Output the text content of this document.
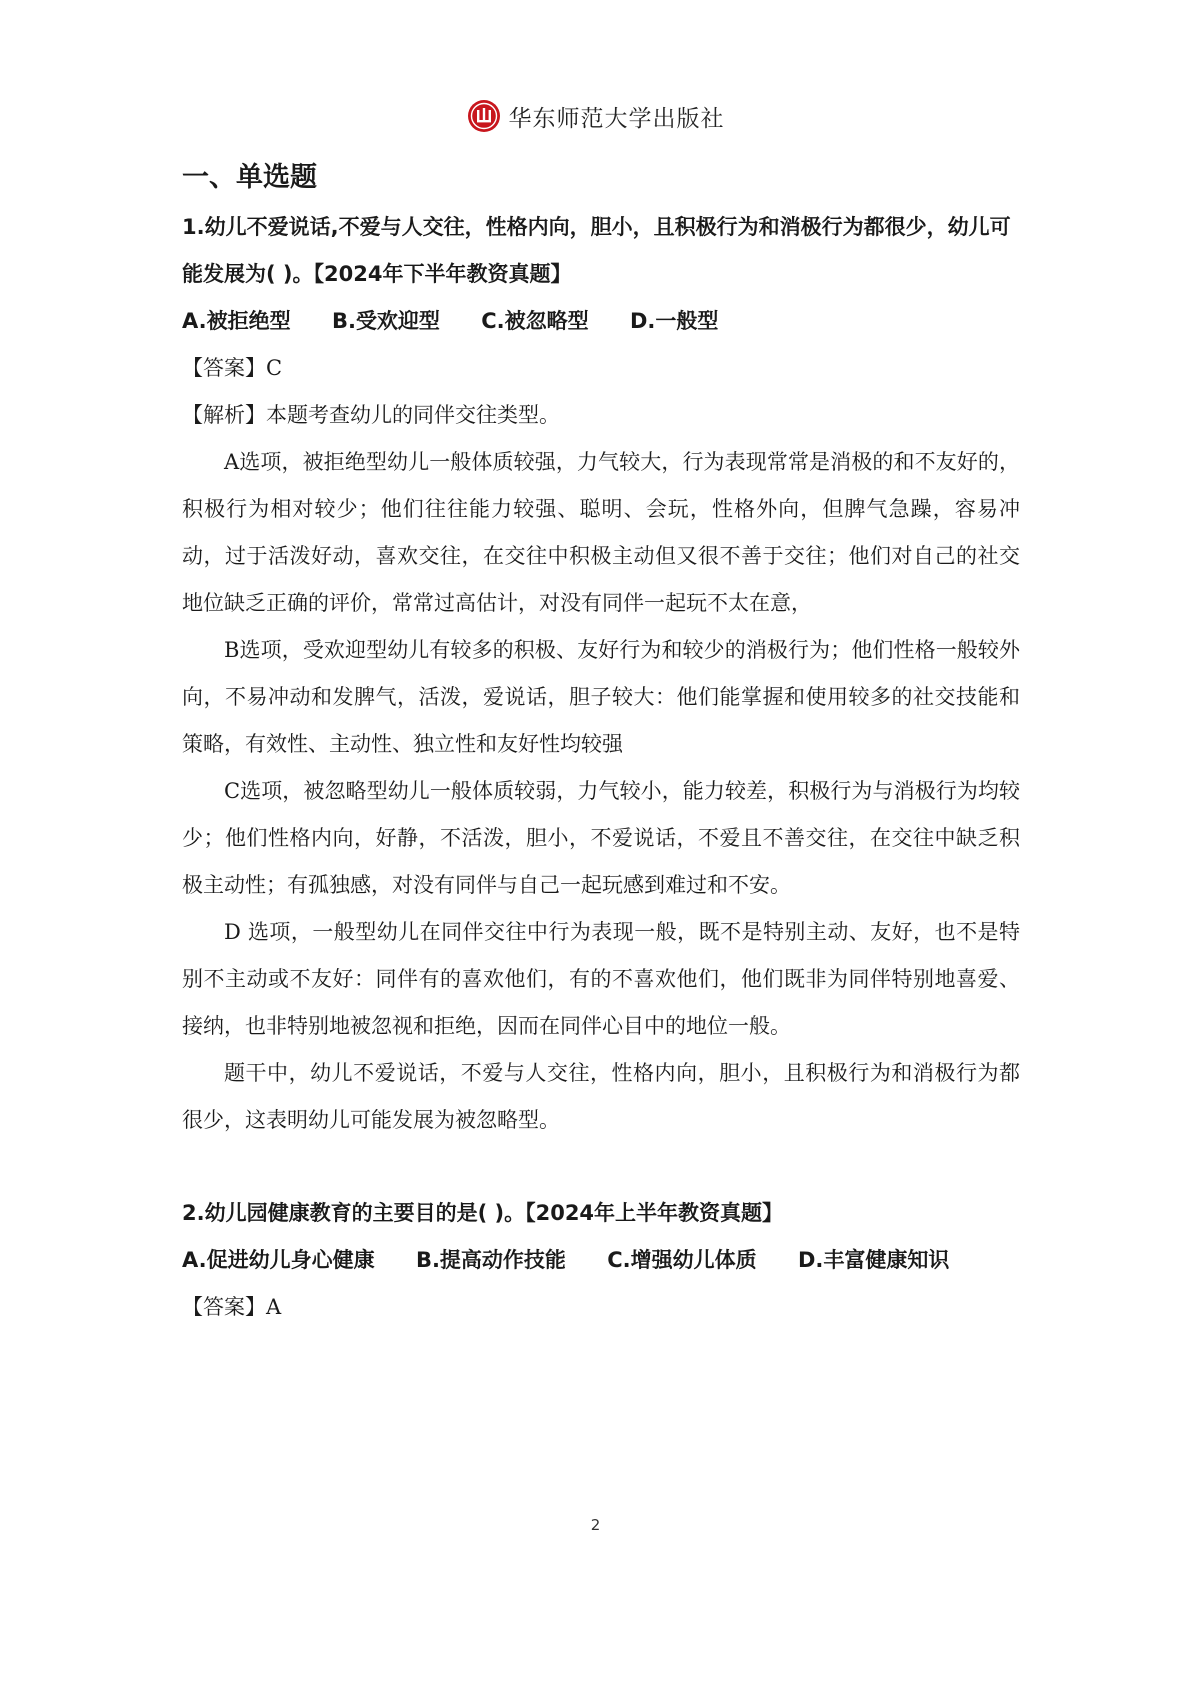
华东师范大学出版社
一、单选题

1.幼儿不爱说话,不爱与人交往，性格内向，胆小，且积极行为和消极行为都很少，幼儿可能发展为( )。【2024年下半年教资真题】

A.被拒绝型 B.受欢迎型 C.被忽略型 D.一般型

【答案】C

【解析】本题考查幼儿的同伴交往类型。

A选项，被拒绝型幼儿一般体质较强，力气较大，行为表现常常是消极的和不友好的，积极行为相对较少；他们往往能力较强、聪明、会玩，性格外向，但脾气急躁，容易冲动，过于活泼好动，喜欢交往，在交往中积极主动但又很不善于交往；他们对自己的社交地位缺乏正确的评价，常常过高估计，对没有同伴一起玩不太在意，

B选项，受欢迎型幼儿有较多的积极、友好行为和较少的消极行为；他们性格一般较外向，不易冲动和发脾气，活泼，爱说话，胆子较大：他们能掌握和使用较多的社交技能和策略，有效性、主动性、独立性和友好性均较强

C选项，被忽略型幼儿一般体质较弱，力气较小，能力较差，积极行为与消极行为均较少；他们性格内向，好静，不活泼，胆小，不爱说话，不爱且不善交往，在交往中缺乏积极主动性；有孤独感，对没有同伴与自己一起玩感到难过和不安。

D 选项，一般型幼儿在同伴交往中行为表现一般，既不是特别主动、友好，也不是特别不主动或不友好：同伴有的喜欢他们，有的不喜欢他们，他们既非为同伴特别地喜爱、接纳，也非特别地被忽视和拒绝，因而在同伴心目中的地位一般。

题干中，幼儿不爱说话，不爱与人交往，性格内向，胆小，且积极行为和消极行为都很少，这表明幼儿可能发展为被忽略型。

2.幼儿园健康教育的主要目的是( )。【2024年上半年教资真题】

A.促进幼儿身心健康 B.提高动作技能 C.增强幼儿体质 D.丰富健康知识

【答案】A

2
